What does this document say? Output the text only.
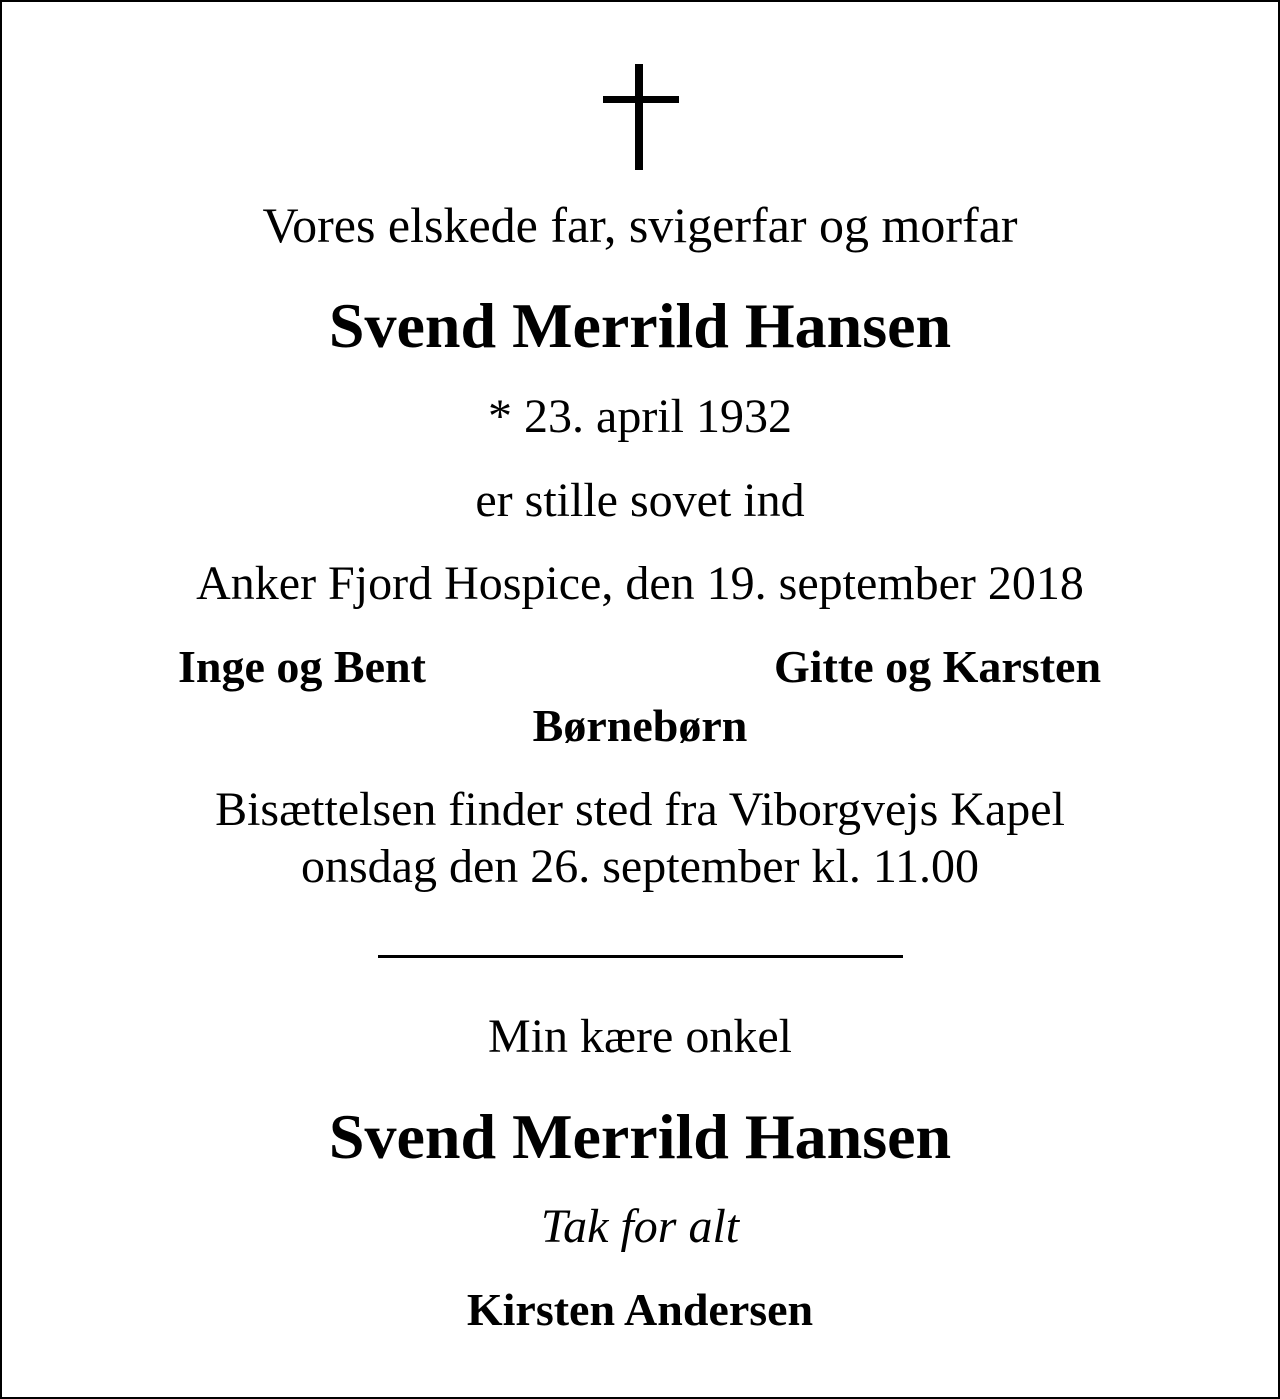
Vores elskede far, svigerfar og morfar
Svend Merrild Hansen
* 23. april 1932
er stille sovet ind
Anker Fjord Hospice, den 19. september 2018
Inge og Bent	Gitte og Karsten
Børnebørn
Bisættelsen finder sted fra Viborgvejs Kapel
onsdag den 26. september kl. 11.00
Min kære onkel
Svend Merrild Hansen
Tak for alt
Kirsten Andersen
